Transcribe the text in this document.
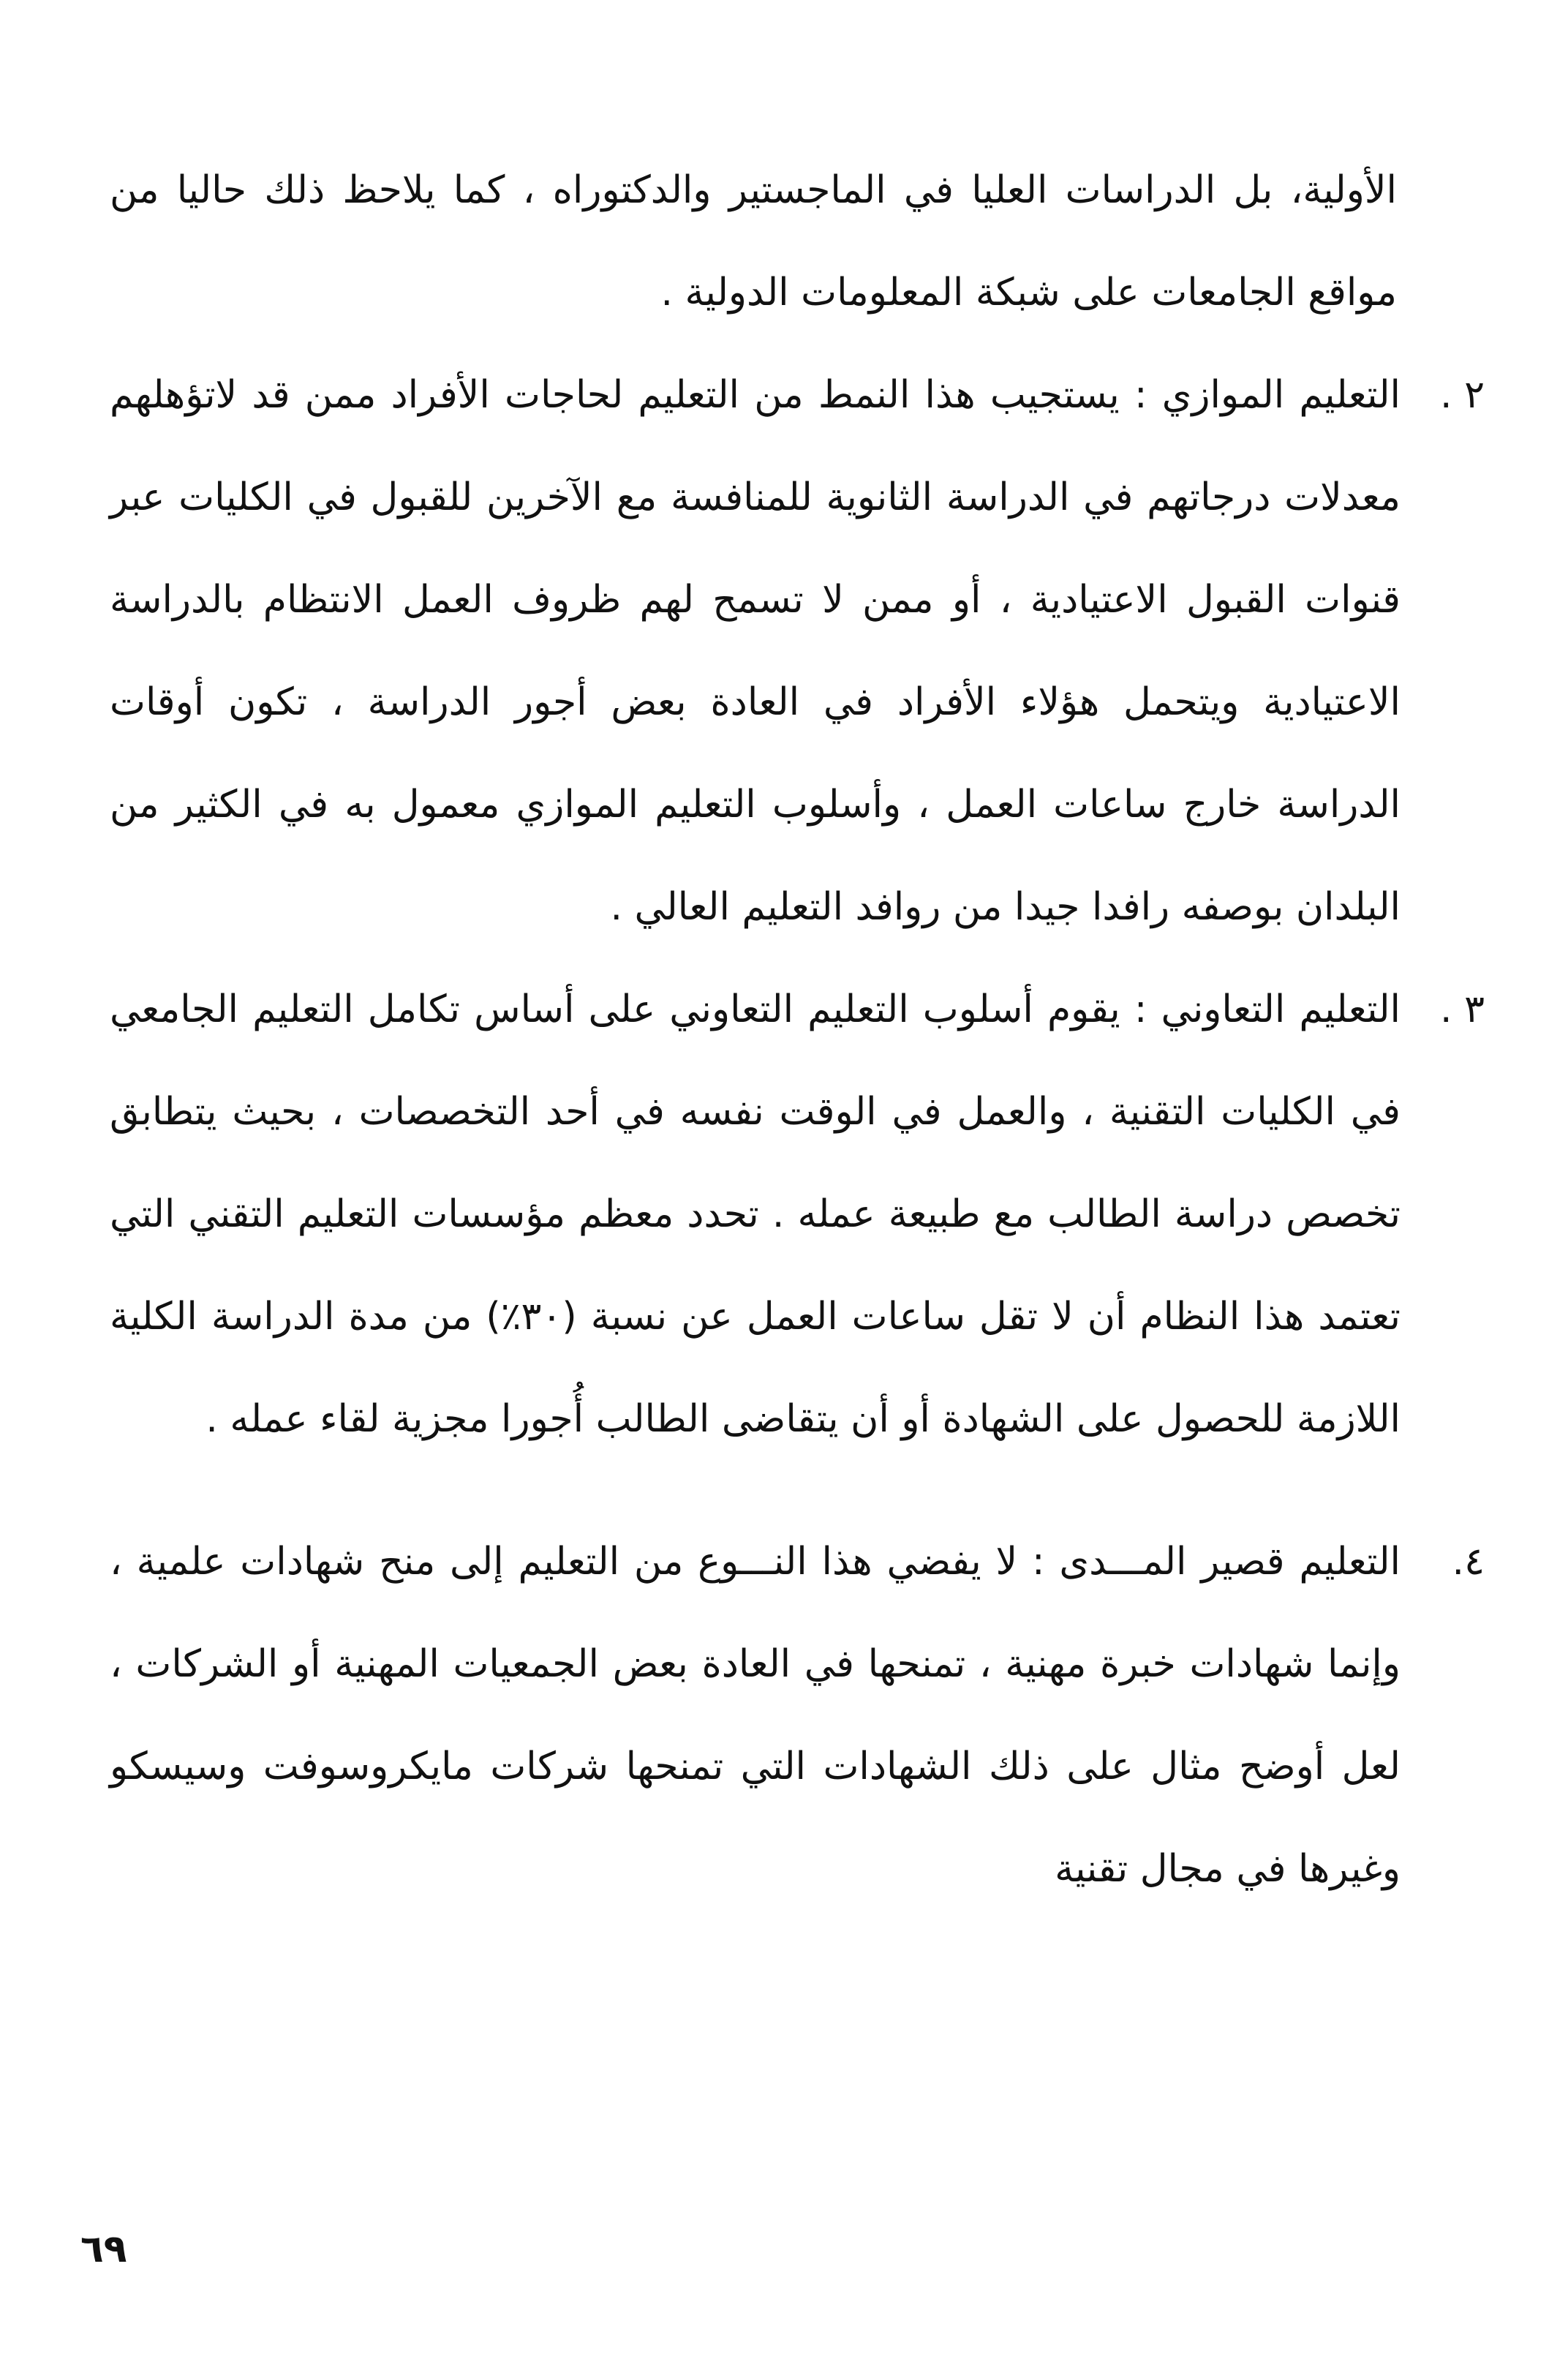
الأولية، بل الدراسات العليا في الماجستير والدكتوراه ، كما يلاحظ ذلك حاليا من مواقع الجامعات على شبكة المعلومات الدولية .

٢ .
التعليم الموازي : يستجيب هذا النمط من التعليم لحاجات الأفراد ممن قد لاتؤهلهم معدلات درجاتهم في الدراسة الثانوية للمنافسة مع الآخرين للقبول في الكليات عبر قنوات القبول الاعتيادية ، أو ممن لا تسمح لهم ظروف العمل الانتظام بالدراسة الاعتيادية ويتحمل هؤلاء الأفراد في العادة بعض أجور الدراسة ، تكون أوقات الدراسة خارج ساعات العمل ، وأسلوب التعليم الموازي معمول به في الكثير من البلدان بوصفه رافدا جيدا من روافد التعليم العالي .

٣ .
التعليم التعاوني : يقوم أسلوب التعليم التعاوني على أساس تكامل التعليم الجامعي في الكليات التقنية ، والعمل في الوقت نفسه في أحد التخصصات ، بحيث يتطابق تخصص دراسة الطالب مع طبيعة عمله . تحدد معظم مؤسسات التعليم التقني التي تعتمد هذا النظام أن لا تقل ساعات العمل عن نسبة (٣٠٪) من مدة الدراسة الكلية اللازمة للحصول على الشهادة أو أن يتقاضى الطالب أُجورا مجزية لقاء عمله .

٤.
التعليم قصير المـــدى : لا يفضي هذا النـــوع من التعليم إلى منح شهادات علمية ، وإنما شهادات خبرة مهنية ، تمنحها في العادة بعض الجمعيات المهنية أو الشركات ، لعل أوضح مثال على ذلك الشهادات التي تمنحها شركات مايكروسوفت وسيسكو وغيرها في مجال تقنية

٦٩
